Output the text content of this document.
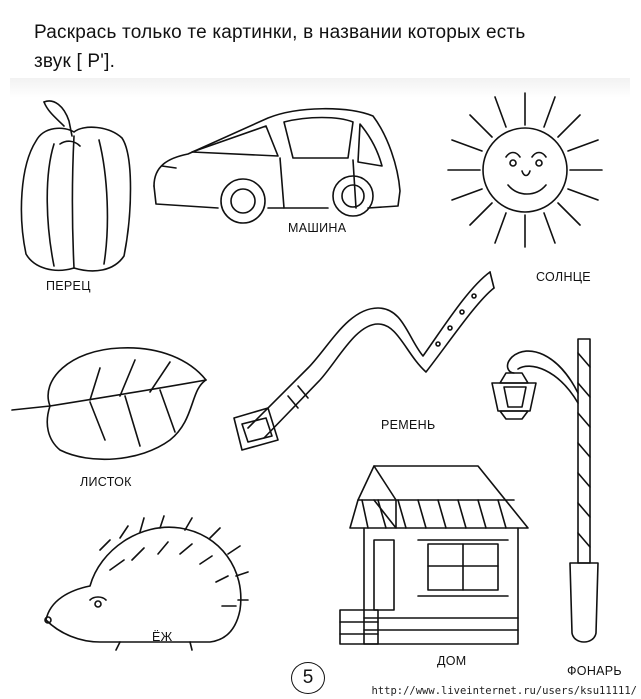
Раскрась только те картинки, в названии которых есть
звук [ Р'].
ПЕРЕЦ
МАШИНА
СОЛНЦЕ
ЛИСТОК
РЕМЕНЬ
ФОНАРЬ
ЁЖ
ДОМ
5
http://www.liveinternet.ru/users/ksu11111/
